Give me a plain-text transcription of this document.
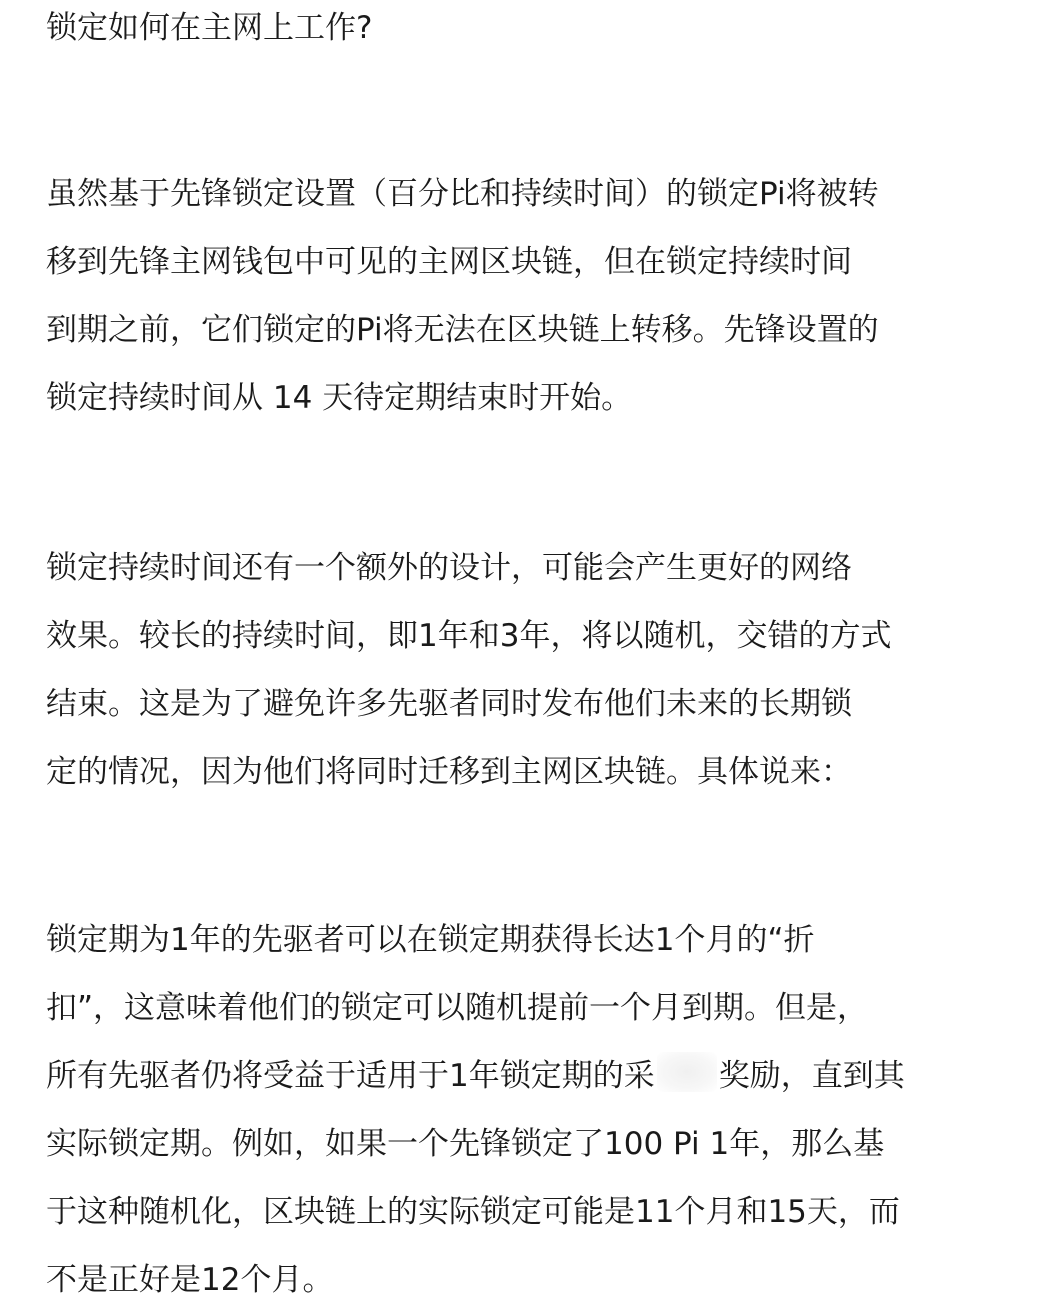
锁定如何在主网上工作?

虽然基于先锋锁定设置（百分比和持续时间）的锁定Pi将被转
移到先锋主网钱包中可见的主网区块链，但在锁定持续时间
到期之前，它们锁定的Pi将无法在区块链上转移。先锋设置的
锁定持续时间从 14 天待定期结束时开始。

锁定持续时间还有一个额外的设计，可能会产生更好的网络
效果。较长的持续时间，即1年和3年，将以随机，交错的方式
结束。这是为了避免许多先驱者同时发布他们未来的长期锁
定的情况，因为他们将同时迁移到主网区块链。具体说来：

锁定期为1年的先驱者可以在锁定期获得长达1个月的“折
扣”，这意味着他们的锁定可以随机提前一个月到期。但是，
所有先驱者仍将受益于适用于1年锁定期的采 奖励，直到其
实际锁定期。例如，如果一个先锋锁定了100 Pi 1年，那么基
于这种随机化，区块链上的实际锁定可能是11个月和15天，而
不是正好是12个月。
